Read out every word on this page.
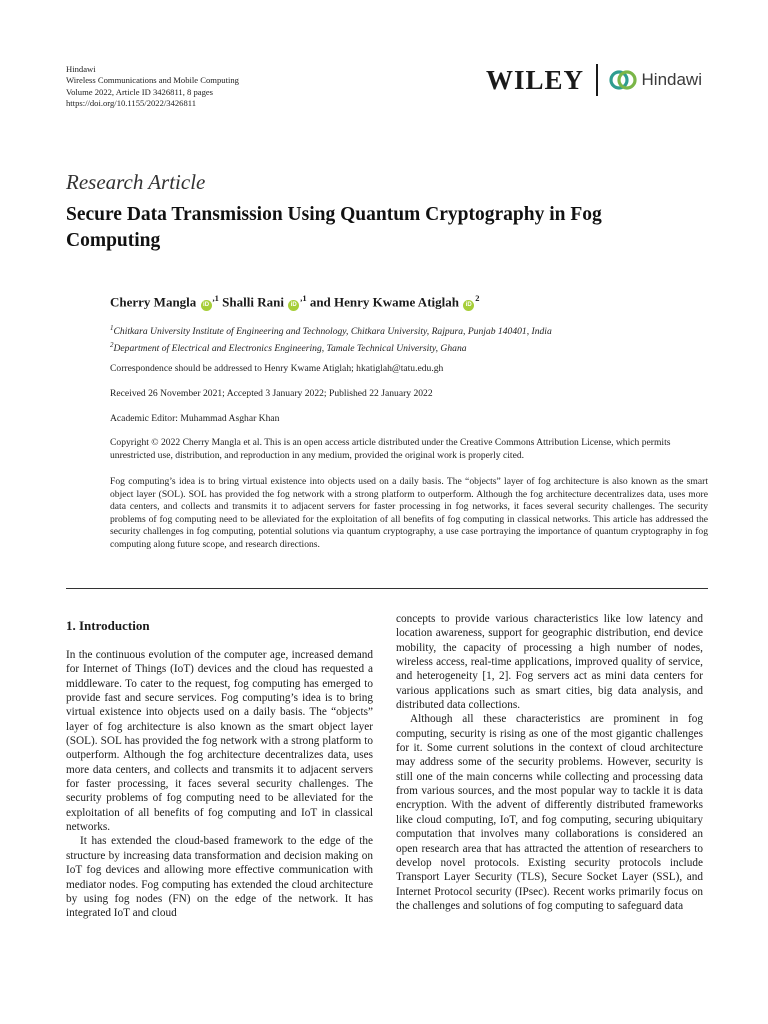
Hindawi
Wireless Communications and Mobile Computing
Volume 2022, Article ID 3426811, 8 pages
https://doi.org/10.1155/2022/3426811
WILEY	Hindawi
Research Article
Secure Data Transmission Using Quantum Cryptography in Fog Computing
Cherry Mangla $iD^{,1}$ Shalli Rani $iD^{,1}$ and Henry Kwame Atiglah $iD^2$
$^1$Chitkara University Institute of Engineering and Technology, Chitkara University, Rajpura, Punjab 140401, India
$^2$Department of Electrical and Electronics Engineering, Tamale Technical University, Ghana
Correspondence should be addressed to Henry Kwame Atiglah; hkatiglah@tatu.edu.gh
Received 26 November 2021; Accepted 3 January 2022; Published 22 January 2022
Academic Editor: Muhammad Asghar Khan
Copyright © 2022 Cherry Mangla et al. This is an open access article distributed under the Creative Commons Attribution License, which permits unrestricted use, distribution, and reproduction in any medium, provided the original work is properly cited.
Fog computing’s idea is to bring virtual existence into objects used on a daily basis. The “objects” layer of fog architecture is also known as the smart object layer (SOL). SOL has provided the fog network with a strong platform to outperform. Although the fog architecture decentralizes data, uses more data centers, and collects and transmits it to adjacent servers for faster processing in fog networks, it faces several security challenges. The security problems of fog computing need to be alleviated for the exploitation of all benefits of fog computing in classical networks. This article has addressed the security challenges in fog computing, potential solutions via quantum cryptography, a use case portraying the importance of quantum cryptography in fog computing along future scope, and research directions.
1. Introduction

In the continuous evolution of the computer age, increased demand for Internet of Things (IoT) devices and the cloud has requested a middleware. To cater to the request, fog computing has emerged to provide fast and secure services. Fog computing’s idea is to bring virtual existence into objects used on a daily basis. The “objects” layer of fog architecture is also known as the smart object layer (SOL). SOL has provided the fog network with a strong platform to outperform. Although the fog architecture decentralizes data, uses more data centers, and collects and transmits it to adjacent servers for faster processing, it faces several security challenges. The security problems of fog computing need to be alleviated for the exploitation of all benefits of fog computing and IoT in classical networks.

It has extended the cloud-based framework to the edge of the structure by increasing data transformation and decision making on IoT fog devices and allowing more effective communication with mediator nodes. Fog computing has extended the cloud architecture by using fog nodes (FN) on the edge of the network. It has integrated IoT and cloud

concepts to provide various characteristics like low latency and location awareness, support for geographic distribution, end device mobility, the capacity of processing a high number of nodes, wireless access, real-time applications, improved quality of service, and heterogeneity [1, 2]. Fog servers act as mini data centers for various applications such as smart cities, big data analysis, and distributed data collections.

Although all these characteristics are prominent in fog computing, security is rising as one of the most gigantic challenges for it. Some current solutions in the context of cloud architecture may address some of the security problems. However, security is still one of the main concerns while collecting and processing data from various sources, and the most popular way to tackle it is data encryption. With the advent of differently distributed frameworks like cloud computing, IoT, and fog computing, securing ubiquitary computation that involves many collaborations is considered an open research area that has attracted the attention of researchers to develop novel protocols. Existing security protocols include Transport Layer Security (TLS), Secure Socket Layer (SSL), and Internet Protocol security (IPsec). Recent works primarily focus on the challenges and solutions of fog computing to safeguard data
